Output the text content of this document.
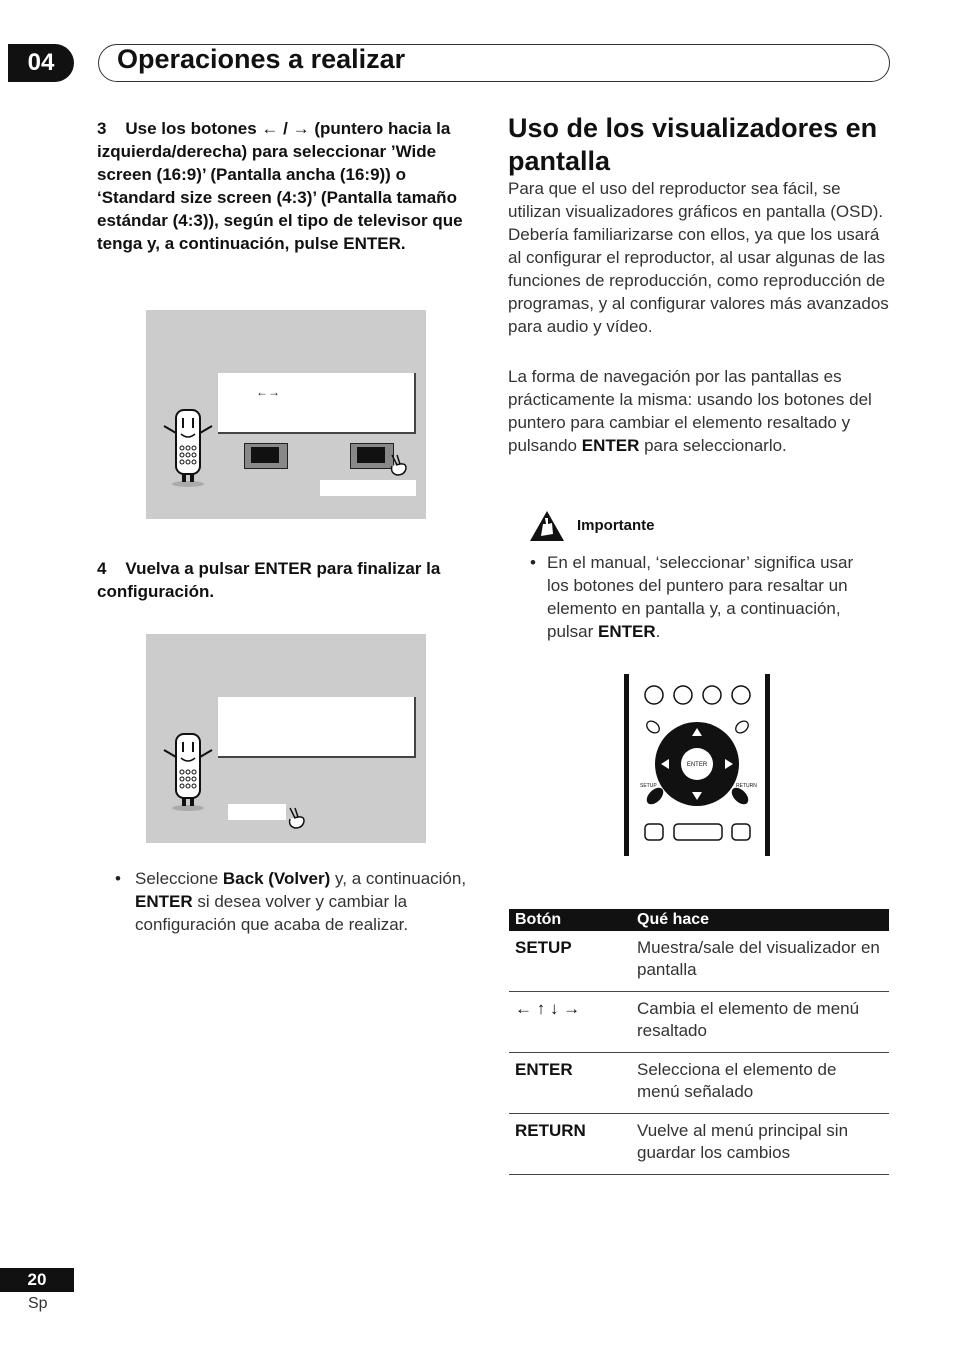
04	Operaciones a realizar
3 Use los botones ← / → (puntero hacia la izquierda/derecha) para seleccionar ’Wide screen (16:9)’ (Pantalla ancha (16:9)) o ‘Standard size screen (4:3)’ (Pantalla tamaño estándar (4:3)), según el tipo de televisor que tenga y, a continuación, pulse ENTER.
←→
4 Vuelva a pulsar ENTER para finalizar la configuración.
• Seleccione Back (Volver) y, a continuación, ENTER si desea volver y cambiar la configuración que acaba de realizar.
Uso de los visualizadores en pantalla
Para que el uso del reproductor sea fácil, se utilizan visualizadores gráficos en pantalla (OSD). Debería familiarizarse con ellos, ya que los usará al configurar el reproductor, al usar algunas de las funciones de reproducción, como reproducción de programas, y al configurar valores más avanzados para audio y vídeo.
La forma de navegación por las pantallas es prácticamente la misma: usando los botones del puntero para cambiar el elemento resaltado y pulsando ENTER para seleccionarlo.
Importante
• En el manual, ‘seleccionar’ significa usar los botones del puntero para resaltar un elemento en pantalla y, a continuación, pulsar ENTER.
ENTER
SETUP	RETURN
Botón	Qué hace
SETUP	Muestra/sale del visualizador en pantalla
← ↑ ↓ →	Cambia el elemento de menú resaltado
ENTER	Selecciona el elemento de menú señalado
RETURN	Vuelve al menú principal sin guardar los cambios
20
Sp
